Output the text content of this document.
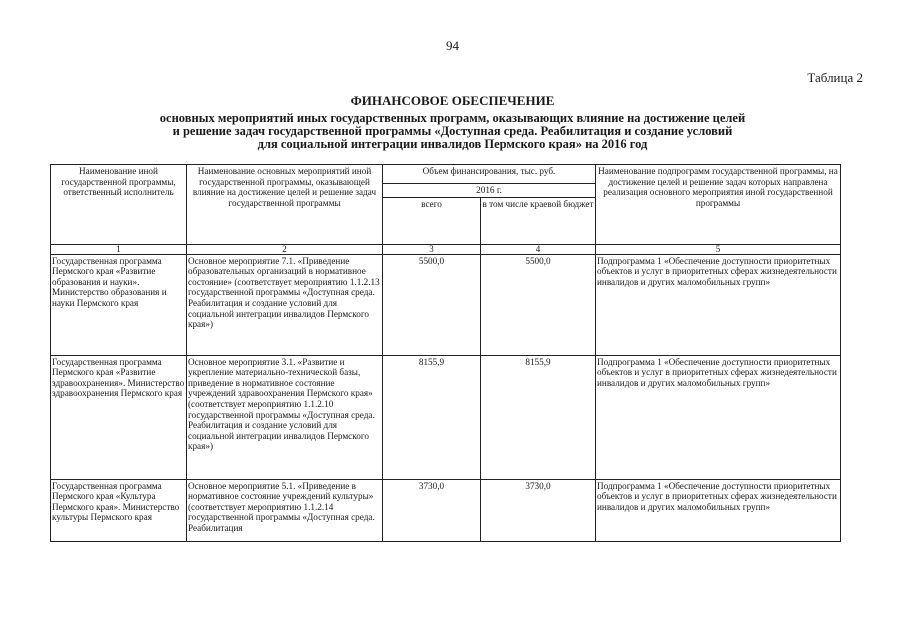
94
Таблица 2
ФИНАНСОВОЕ ОБЕСПЕЧЕНИЕ
основных мероприятий иных государственных программ, оказывающих влияние на достижение целей
и решение задач государственной программы «Доступная среда. Реабилитация и создание условий
для социальной интеграции инвалидов Пермского края» на 2016 год
Наименование иной государственной программы, ответственный исполнитель	Наименование основных мероприятий иной государственной программы, оказывающей влияние на достижение целей и решение задач государственной программы	Объем финансирования, тыс. руб.		Наименование подпрограмм государственной программы, на достижение целей и решение задач которых направлена реализация основного мероприятия иной государственной программы
		2016 г.		
		всего	в том числе краевой бюджет	
1	2	3	4	5
Государственная программа Пермского края «Развитие образования и науки». Министерство образования и науки Пермского края	Основное мероприятие 7.1. «Приведение образовательных организаций в нормативное состояние» (соответствует мероприятию 1.1.2.13 государственной программы «Доступная среда. Реабилитация и создание условий для социальной интеграции инвалидов Пермского края»)	5500,0	5500,0	Подпрограмма 1 «Обеспечение доступности приоритетных объектов и услуг в приоритетных сферах жизнедеятельности инвалидов и других маломобильных групп»
Государственная программа Пермского края «Развитие здравоохранения». Министерство здравоохранения Пермского края	Основное мероприятие 3.1. «Развитие и укрепление материально-технической базы, приведение в нормативное состояние учреждений здравоохранения Пермского края» (соответствует мероприятию 1.1.2.10 государственной программы «Доступная среда. Реабилитация и создание условий для социальной интеграции инвалидов Пермского края»)	8155,9	8155,9	Подпрограмма 1 «Обеспечение доступности приоритетных объектов и услуг в приоритетных сферах жизнедеятельности инвалидов и других маломобильных групп»
Государственная программа Пермского края «Культура Пермского края». Министерство культуры Пермского края	Основное мероприятие 5.1. «Приведение в нормативное состояние учреждений культуры» (соответствует мероприятию 1.1.2.14 государственной программы «Доступная среда. Реабилитация	3730,0	3730,0	Подпрограмма 1 «Обеспечение доступности приоритетных объектов и услуг в приоритетных сферах жизнедеятельности инвалидов и других маломобильных групп»
